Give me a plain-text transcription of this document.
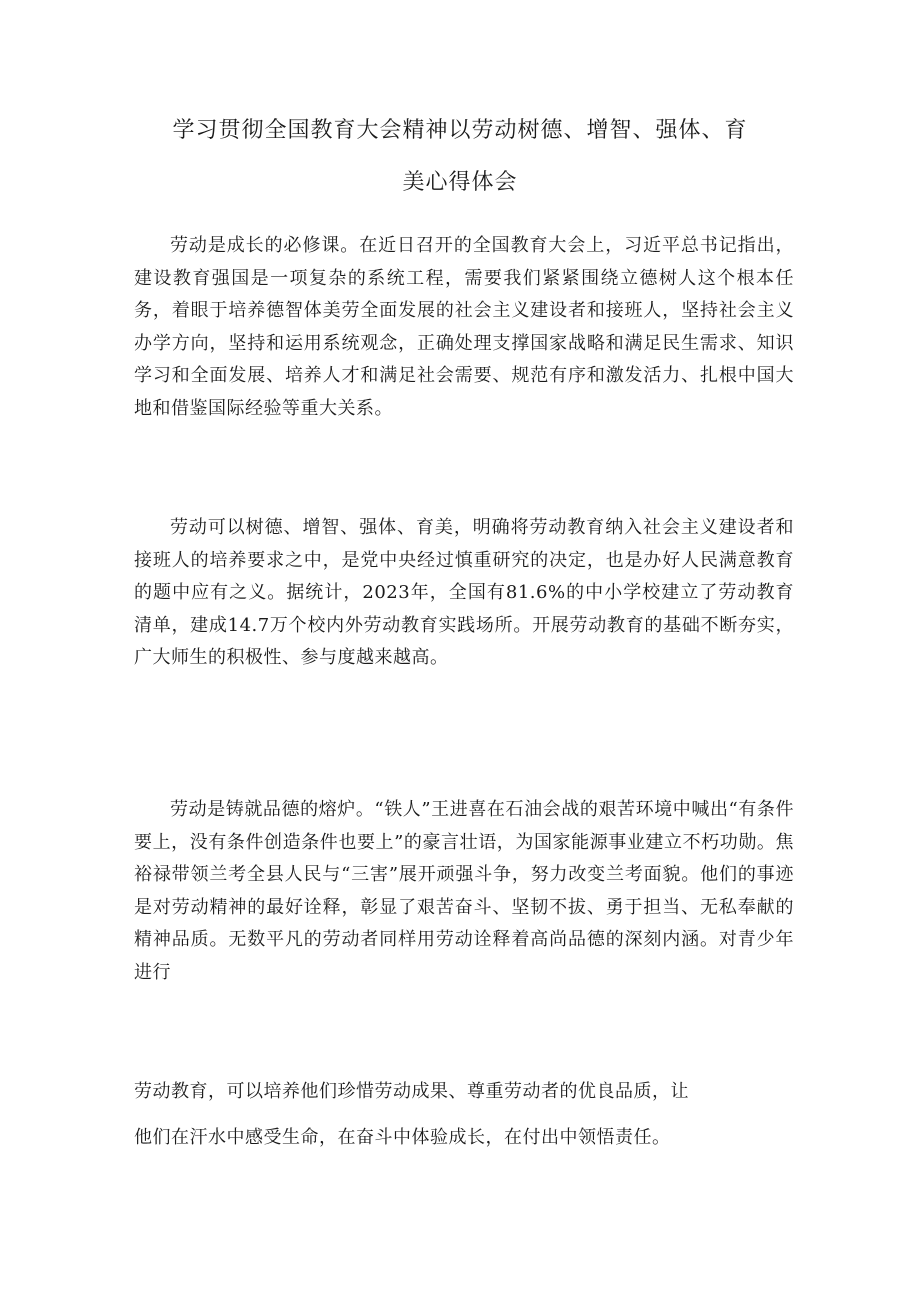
学习贯彻全国教育大会精神以劳动树德、增智、强体、育
美心得体会

劳动是成长的必修课。在近日召开的全国教育大会上，习近平总书记指出，建设教育强国是一项复杂的系统工程，需要我们紧紧围绕立德树人这个根本任务，着眼于培养德智体美劳全面发展的社会主义建设者和接班人，坚持社会主义办学方向，坚持和运用系统观念，正确处理支撑国家战略和满足民生需求、知识学习和全面发展、培养人才和满足社会需要、规范有序和激发活力、扎根中国大地和借鉴国际经验等重大关系。

劳动可以树德、增智、强体、育美，明确将劳动教育纳入社会主义建设者和接班人的培养要求之中，是党中央经过慎重研究的决定，也是办好人民满意教育的题中应有之义。据统计，2023年，全国有81.6%的中小学校建立了劳动教育清单，建成14.7万个校内外劳动教育实践场所。开展劳动教育的基础不断夯实，广大师生的积极性、参与度越来越高。

劳动是铸就品德的熔炉。“铁人”王进喜在石油会战的艰苦环境中喊出“有条件要上，没有条件创造条件也要上”的豪言壮语，为国家能源事业建立不朽功勋。焦裕禄带领兰考全县人民与“三害”展开顽强斗争，努力改变兰考面貌。他们的事迹是对劳动精神的最好诠释，彰显了艰苦奋斗、坚韧不拔、勇于担当、无私奉献的精神品质。无数平凡的劳动者同样用劳动诠释着高尚品德的深刻内涵。对青少年进行

劳动教育，可以培养他们珍惜劳动成果、尊重劳动者的优良品质，让

他们在汗水中感受生命，在奋斗中体验成长，在付出中领悟责任。
